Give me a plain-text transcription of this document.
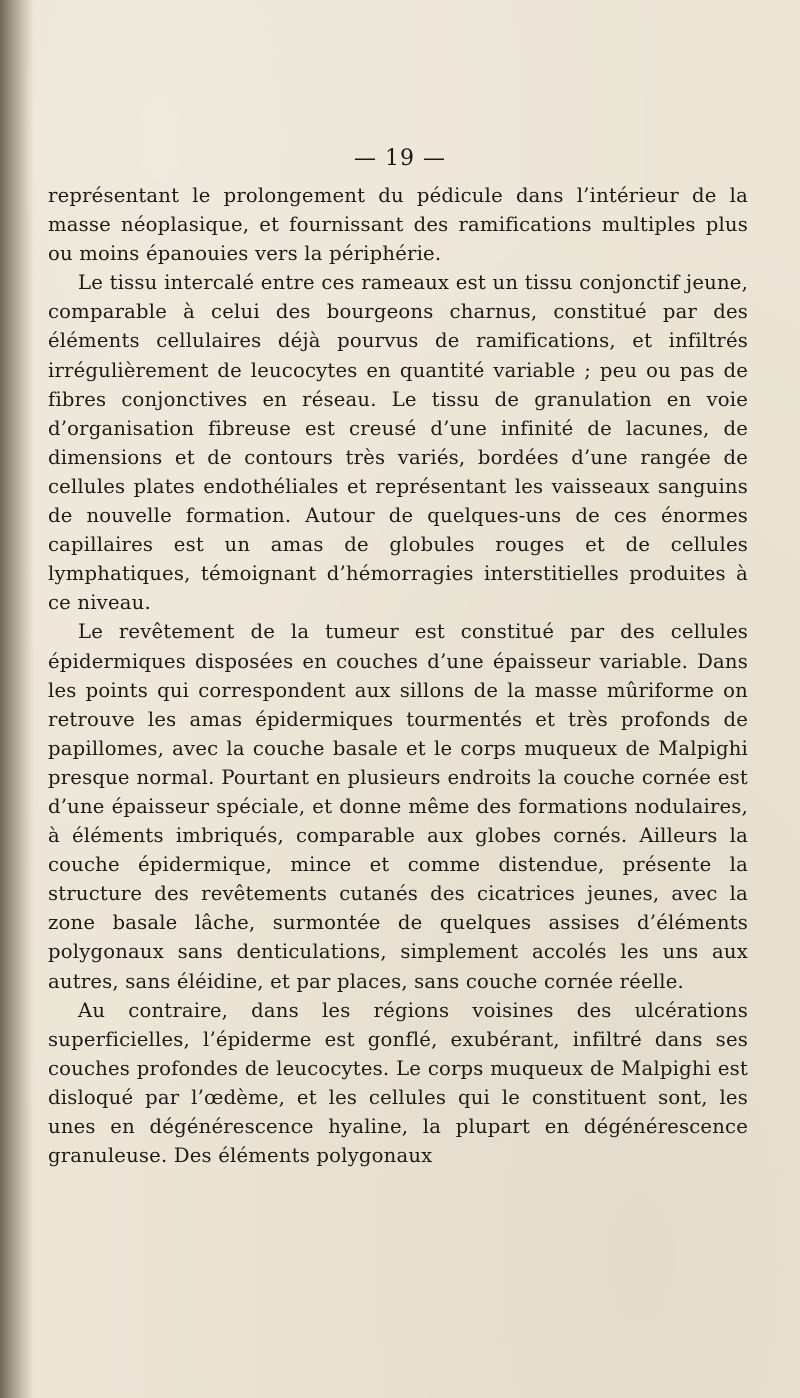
— 19 —

représentant le prolongement du pédicule dans l’intérieur de la masse néoplasique, et fournissant des ramifications multiples plus ou moins épanouies vers la périphérie.

Le tissu intercalé entre ces rameaux est un tissu conjonctif jeune, comparable à celui des bourgeons charnus, constitué par des éléments cellulaires déjà pourvus de ramifications, et infiltrés irrégulièrement de leucocytes en quantité variable ; peu ou pas de fibres conjonctives en réseau. Le tissu de granulation en voie d’organisation fibreuse est creusé d’une infinité de lacunes, de dimensions et de contours très variés, bordées d’une rangée de cellules plates endothéliales et représentant les vaisseaux sanguins de nouvelle formation. Autour de quelques-uns de ces énormes capillaires est un amas de globules rouges et de cellules lymphatiques, témoignant d’hémorragies interstitielles produites à ce niveau.

Le revêtement de la tumeur est constitué par des cellules épidermiques disposées en couches d’une épaisseur variable. Dans les points qui correspondent aux sillons de la masse mûriforme on retrouve les amas épidermiques tourmentés et très profonds de papillomes, avec la couche basale et le corps muqueux de Malpighi presque normal. Pourtant en plusieurs endroits la couche cornée est d’une épaisseur spéciale, et donne même des formations nodulaires, à éléments imbriqués, comparable aux globes cornés. Ailleurs la couche épidermique, mince et comme distendue, présente la structure des revêtements cutanés des cicatrices jeunes, avec la zone basale lâche, surmontée de quelques assises d’éléments polygonaux sans denticulations, simplement accolés les uns aux autres, sans éléidine, et par places, sans couche cornée réelle.

Au contraire, dans les régions voisines des ulcérations superficielles, l’épiderme est gonflé, exubérant, infiltré dans ses couches profondes de leucocytes. Le corps muqueux de Malpighi est disloqué par l’œdème, et les cellules qui le constituent sont, les unes en dégénérescence hyaline, la plupart en dégénérescence granuleuse. Des éléments polygonaux
